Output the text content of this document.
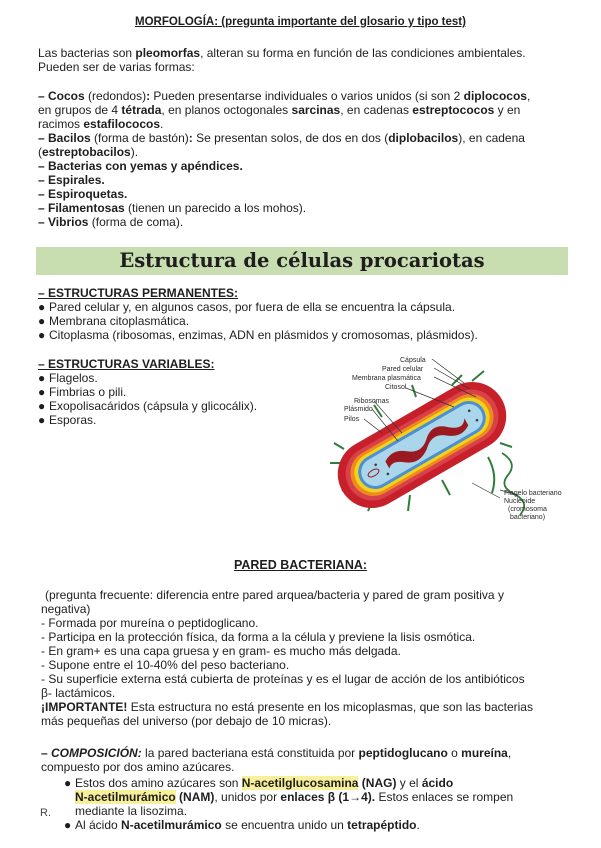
MORFOLOGÍA: (pregunta importante del glosario y tipo test)
Las bacterias son pleomorfas, alteran su forma en función de las condiciones ambientales.
Pueden ser de varias formas:
– Cocos (redondos): Pueden presentarse individuales o varios unidos (si son 2 diplococos,
en grupos de 4 tétrada, en planos octogonales sarcinas, en cadenas estreptococos y en
racimos estafilococos.
– Bacilos (forma de bastón): Se presentan solos, de dos en dos (diplobacilos), en cadena
(estreptobacilos).
– Bacterias con yemas y apéndices.
– Espirales.
– Espiroquetas.
– Filamentosas (tienen un parecido a los mohos).
– Vibrios (forma de coma).
Estructura de células procariotas
– ESTRUCTURAS PERMANENTES:
● Pared celular y, en algunos casos, por fuera de ella se encuentra la cápsula.
● Membrana citoplasmática.
● Citoplasma (ribosomas, enzimas, ADN en plásmidos y cromosomas, plásmidos).
– ESTRUCTURAS VARIABLES:
● Flagelos.
● Fimbrias o pili.
● Exopolisacáridos (cápsula y glicocálix).
● Esporas.
Cápsula
Pared celular
Membrana plasmática
Citosol
Ribosomas
Plásmido
Pilos
Flagelo bacteriano
Nucleoide
(cromosoma
bacteriano)
PARED BACTERIANA:
(pregunta frecuente: diferencia entre pared arquea/bacteria y pared de gram positiva y
negativa)
- Formada por mureína o peptidoglicano.
- Participa en la protección física, da forma a la célula y previene la lisis osmótica.
- En gram+ es una capa gruesa y en gram- es mucho más delgada.
- Supone entre el 10-40% del peso bacteriano.
- Su superficie externa está cubierta de proteínas y es el lugar de acción de los antibióticos
β- lactámicos.
¡IMPORTANTE! Esta estructura no está presente en los micoplasmas, que son las bacterias
más pequeñas del universo (por debajo de 10 micras).
– COMPOSICIÓN: la pared bacteriana está constituida por peptidoglucano o mureína,
compuesto por dos amino azúcares.
● Estos dos amino azúcares son N-acetilglucosamina (NAG) y el ácido
N-acetilmurámico (NAM), unidos por enlaces β (1→4). Estos enlaces se rompen
mediante la lisozima.
● Al ácido N-acetilmurámico se encuentra unido un tetrapéptido.
R.
